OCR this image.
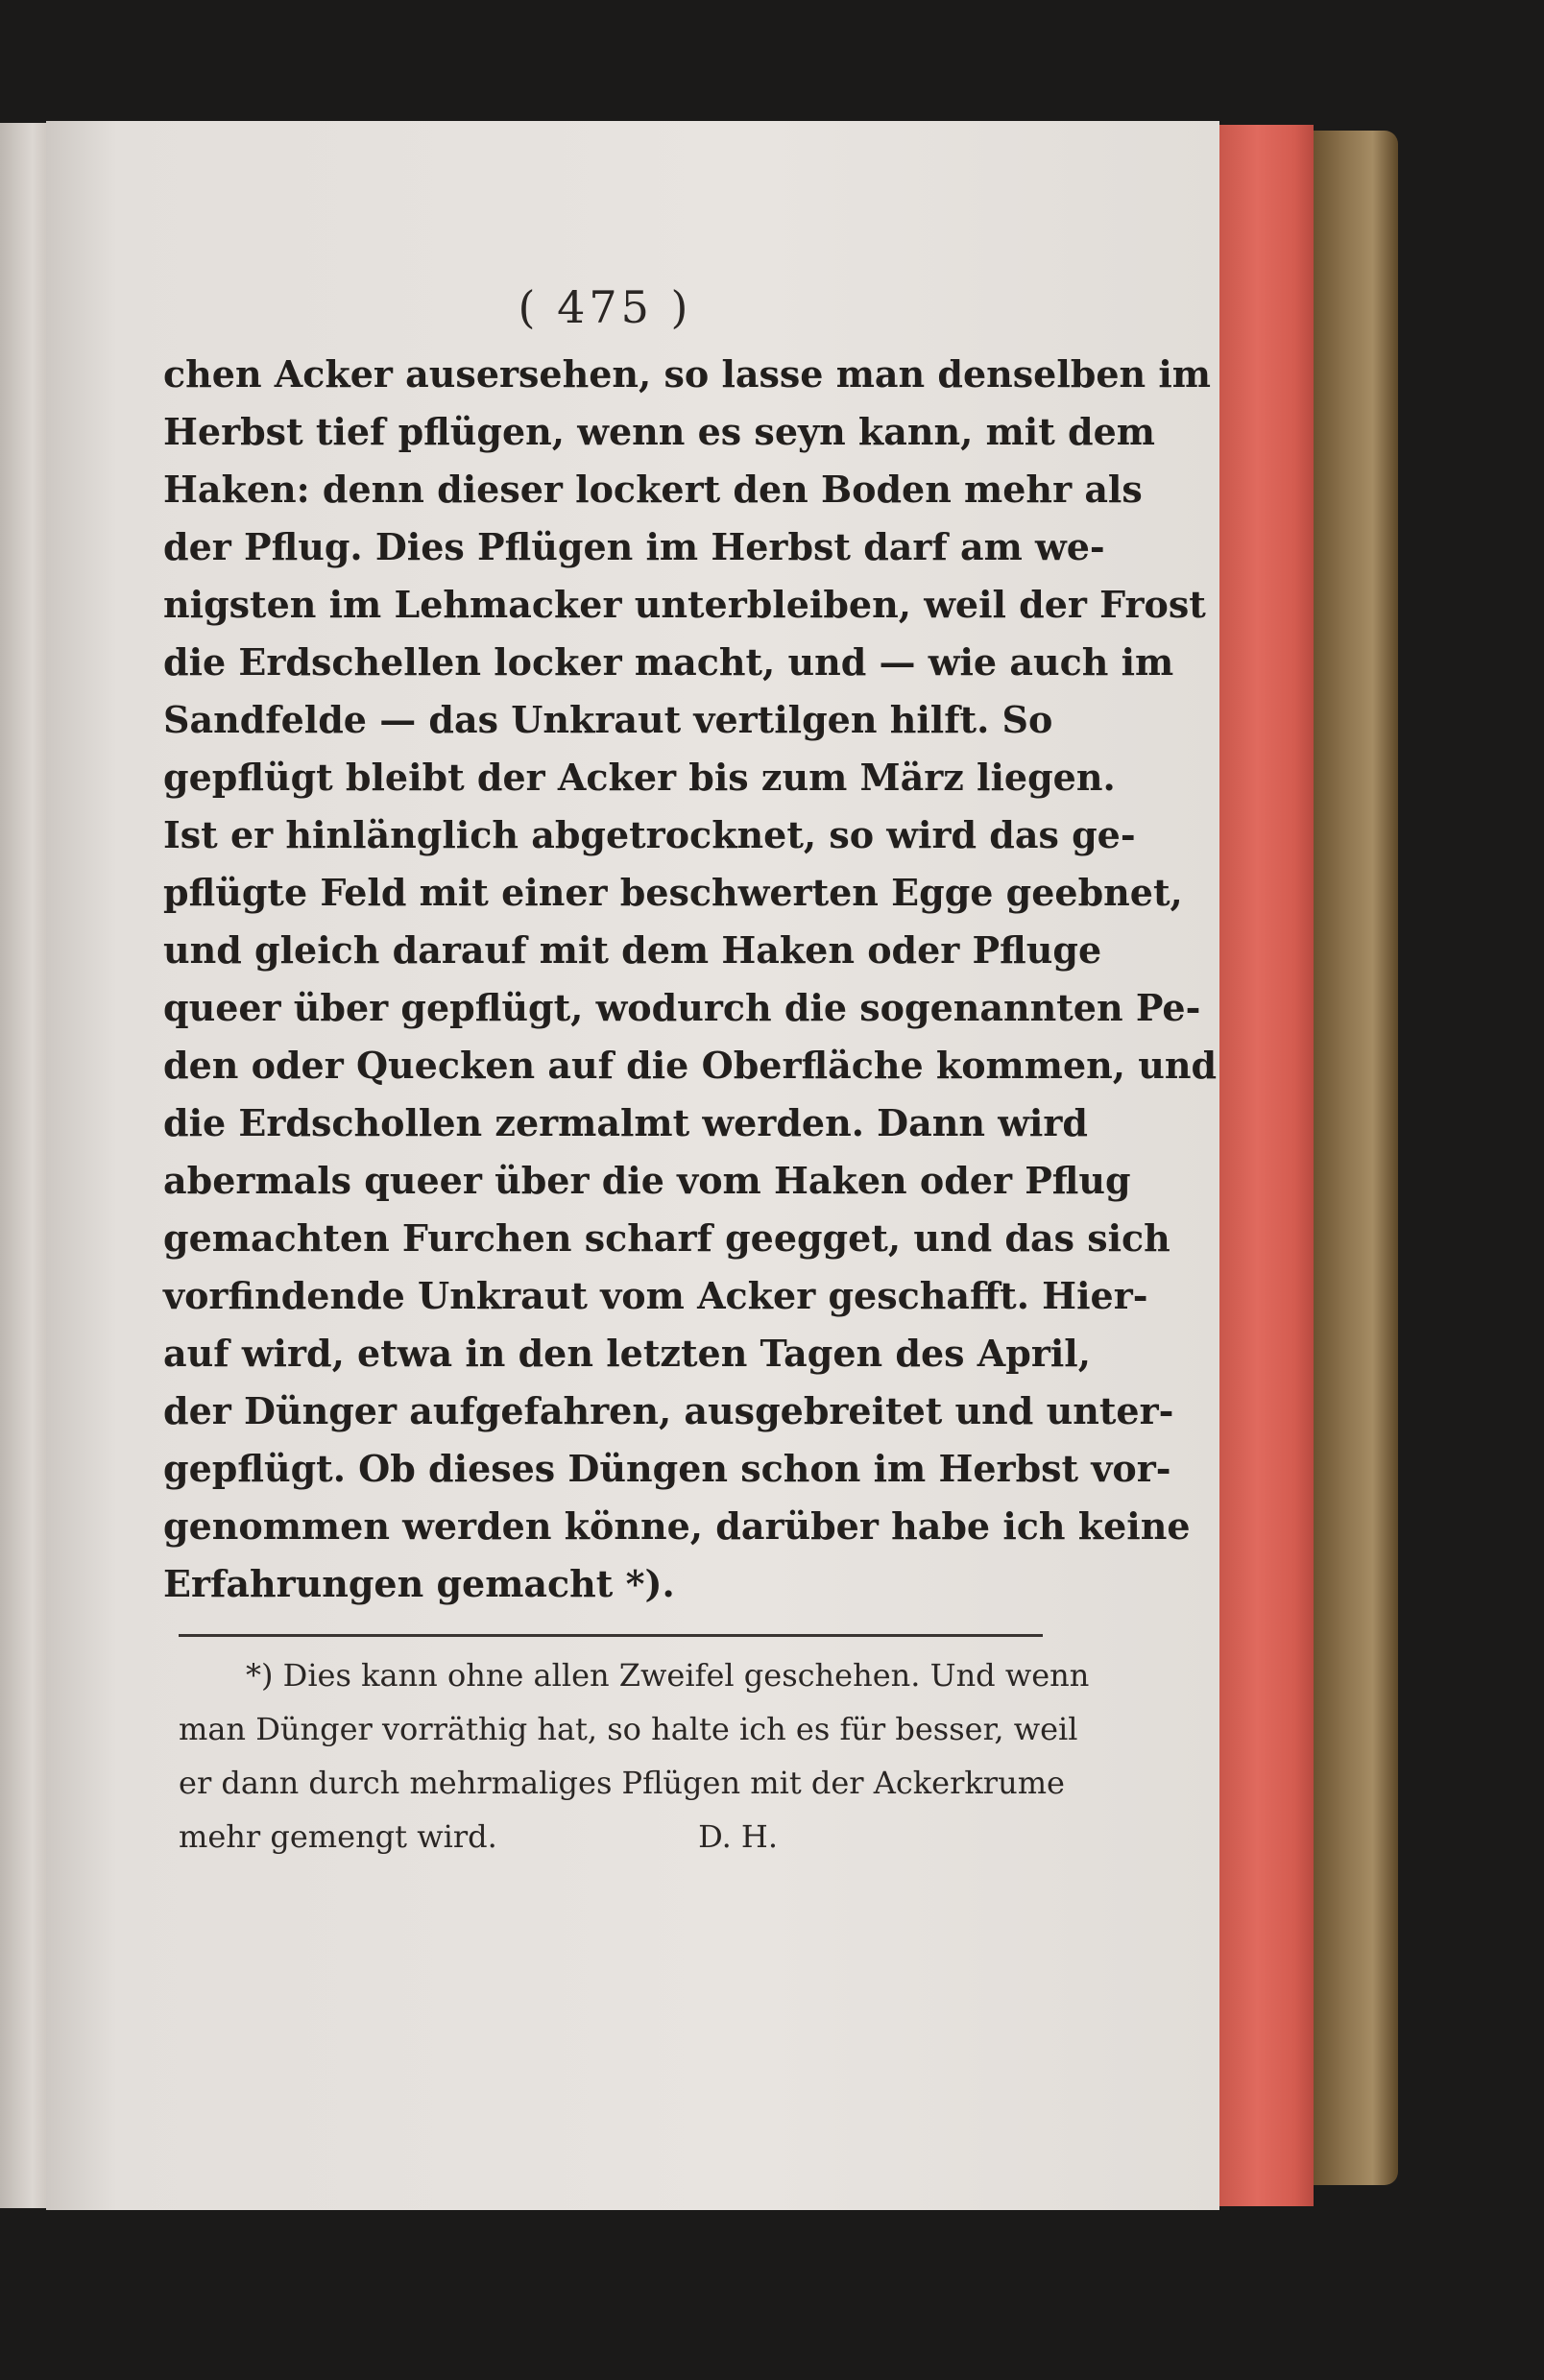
( 475 )
chen Acker ausersehen, so lasse man denselben im
Herbst tief pflügen, wenn es seyn kann, mit dem
Haken: denn dieser lockert den Boden mehr als
der Pflug. Dies Pflügen im Herbst darf am we-
nigsten im Lehmacker unterbleiben, weil der Frost
die Erdschellen locker macht, und — wie auch im
Sandfelde — das Unkraut vertilgen hilft. So
gepflügt bleibt der Acker bis zum März liegen.
Ist er hinlänglich abgetrocknet, so wird das ge-
pflügte Feld mit einer beschwerten Egge geebnet,
und gleich darauf mit dem Haken oder Pfluge
queer über gepflügt, wodurch die sogenannten Pe-
den oder Quecken auf die Oberfläche kommen, und
die Erdschollen zermalmt werden. Dann wird
abermals queer über die vom Haken oder Pflug
gemachten Furchen scharf geegget, und das sich
vorfindende Unkraut vom Acker geschafft. Hier-
auf wird, etwa in den letzten Tagen des April,
der Dünger aufgefahren, ausgebreitet und unter-
gepflügt. Ob dieses Düngen schon im Herbst vor-
genommen werden könne, darüber habe ich keine
Erfahrungen gemacht *).
*) Dies kann ohne allen Zweifel geschehen. Und wenn
man Dünger vorräthig hat, so halte ich es für besser, weil
er dann durch mehrmaliges Pflügen mit der Ackerkrume
mehr gemengt wird.	D. H.
